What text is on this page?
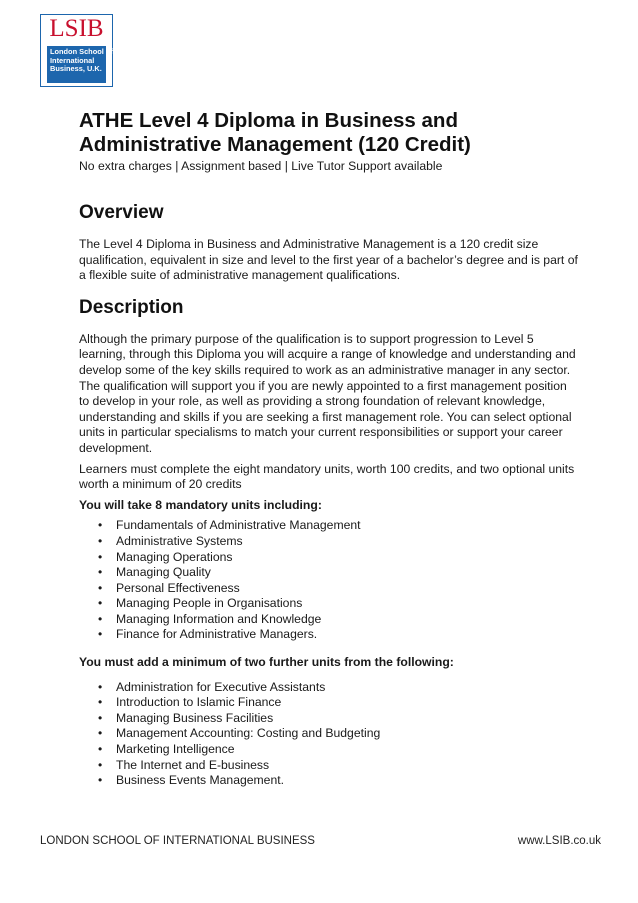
LSIB
London School of
International
Business, U.K.
ATHE Level 4 Diploma in Business and
Administrative Management (120 Credit)

No extra charges | Assignment based | Live Tutor Support available

Overview

The Level 4 Diploma in Business and Administrative Management is a 120 credit size qualification, equivalent in size and level to the first year of a bachelor’s degree and is part of a flexible suite of administrative management qualifications.

Description

Although the primary purpose of the qualification is to support progression to Level 5 learning, through this Diploma you will acquire a range of knowledge and understanding and develop some of the key skills required to work as an administrative manager in any sector. The qualification will support you if you are newly appointed to a first management position to develop in your role, as well as providing a strong foundation of relevant knowledge, understanding and skills if you are seeking a first management role. You can select optional units in particular specialisms to match your current responsibilities or support your career development.

Learners must complete the eight mandatory units, worth 100 credits, and two optional units worth a minimum of 20 credits

You will take 8 mandatory units including:

• Fundamentals of Administrative Management
• Administrative Systems
• Managing Operations
• Managing Quality
• Personal Effectiveness
• Managing People in Organisations
• Managing Information and Knowledge
• Finance for Administrative Managers.

You must add a minimum of two further units from the following:

• Administration for Executive Assistants
• Introduction to Islamic Finance
• Managing Business Facilities
• Management Accounting: Costing and Budgeting
• Marketing Intelligence
• The Internet and E-business
• Business Events Management.
LONDON SCHOOL OF INTERNATIONAL BUSINESS	www.LSIB.co.uk
